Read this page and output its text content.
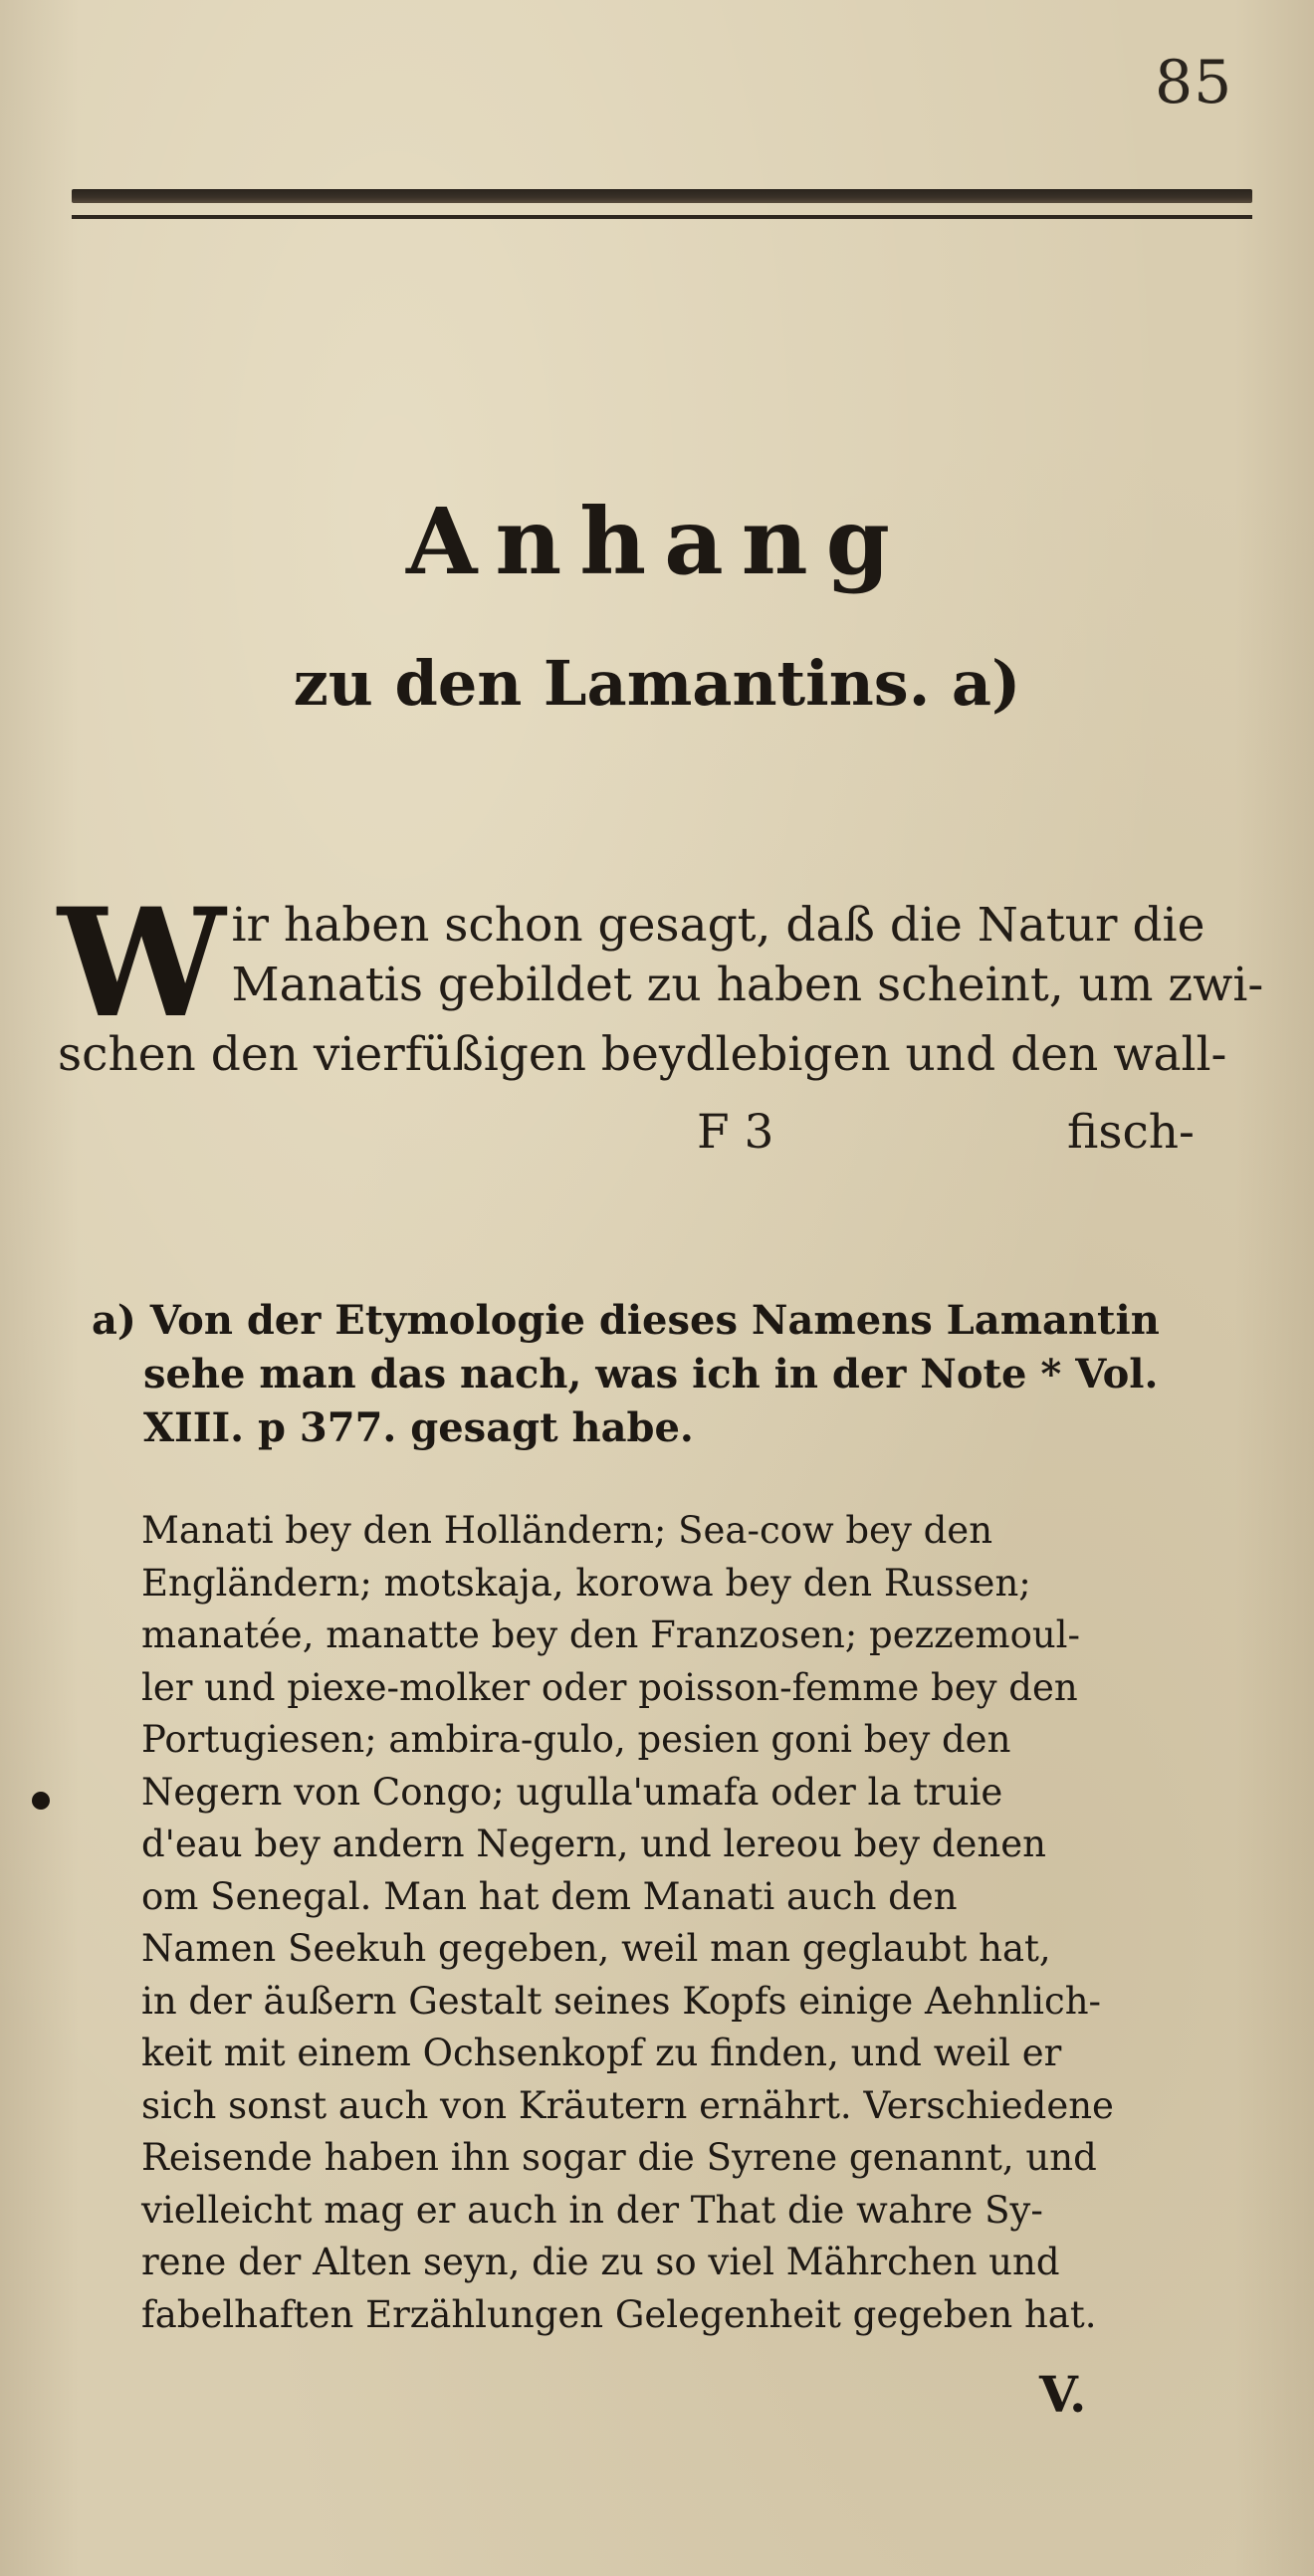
85
Anhang
zu den Lamantins. a)
W ir haben schon gesagt, daß die Natur die
Manatis gebildet zu haben scheint, um zwi-
schen den vierfüßigen beydlebigen und den wall-
F 3	fisch-
a) Von der Etymologie dieses Namens Lamantin
sehe man das nach, was ich in der Note * Vol.
XIII. p 377. gesagt habe.
Manati bey den Holländern; Sea-cow bey den
Engländern; motskaja, korowa bey den Russen;
manatée, manatte bey den Franzosen; pezzemoul-
ler und piexe-molker oder poisson-femme bey den
Portugiesen; ambira-gulo, pesien goni bey den
Negern von Congo; ugulla'umafa oder la truie
d'eau bey andern Negern, und lereou bey denen
om Senegal. Man hat dem Manati auch den
Namen Seekuh gegeben, weil man geglaubt hat,
in der äußern Gestalt seines Kopfs einige Aehnlich-
keit mit einem Ochsenkopf zu finden, und weil er
sich sonst auch von Kräutern ernährt. Verschiedene
Reisende haben ihn sogar die Syrene genannt, und
vielleicht mag er auch in der That die wahre Sy-
rene der Alten seyn, die zu so viel Mährchen und
fabelhaften Erzählungen Gelegenheit gegeben hat.
V.
